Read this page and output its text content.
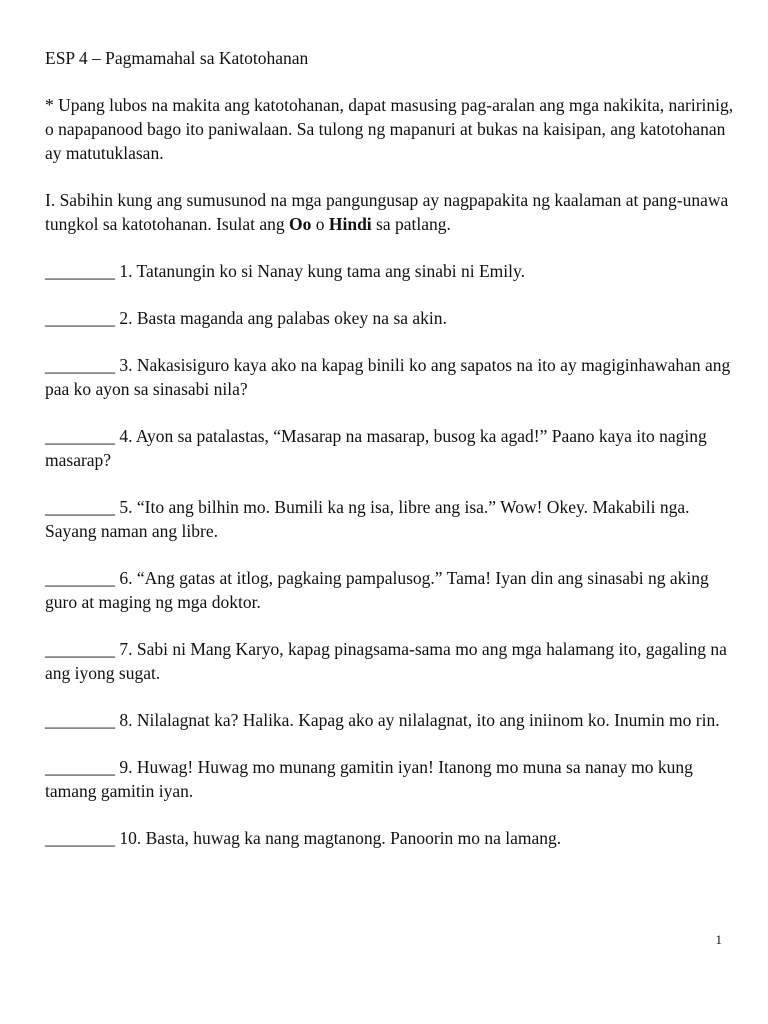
ESP 4 – Pagmamahal sa Katotohanan

* Upang lubos na makita ang katotohanan, dapat masusing pag-aralan ang mga nakikita, naririnig, o napapanood bago ito paniwalaan. Sa tulong ng mapanuri at bukas na kaisipan, ang katotohanan ay matutuklasan.

I. Sabihin kung ang sumusunod na mga pangungusap ay nagpapakita ng kaalaman at pang-unawa tungkol sa katotohanan. Isulat ang Oo o Hindi sa patlang.

________ 1. Tatanungin ko si Nanay kung tama ang sinabi ni Emily.

________ 2. Basta maganda ang palabas okey na sa akin.

________ 3. Nakasisiguro kaya ako na kapag binili ko ang sapatos na ito ay magiginhawahan ang paa ko ayon sa sinasabi nila?

________ 4. Ayon sa patalastas, “Masarap na masarap, busog ka agad!” Paano kaya ito naging masarap?

________ 5. “Ito ang bilhin mo. Bumili ka ng isa, libre ang isa.” Wow! Okey. Makabili nga. Sayang naman ang libre.

________ 6. “Ang gatas at itlog, pagkaing pampalusog.” Tama! Iyan din ang sinasabi ng aking guro at maging ng mga doktor.

________ 7. Sabi ni Mang Karyo, kapag pinagsama-sama mo ang mga halamang ito, gagaling na ang iyong sugat.

________ 8. Nilalagnat ka? Halika. Kapag ako ay nilalagnat, ito ang iniinom ko. Inumin mo rin.

________ 9. Huwag! Huwag mo munang gamitin iyan! Itanong mo muna sa nanay mo kung tamang gamitin iyan.

________ 10. Basta, huwag ka nang magtanong. Panoorin mo na lamang.

1
